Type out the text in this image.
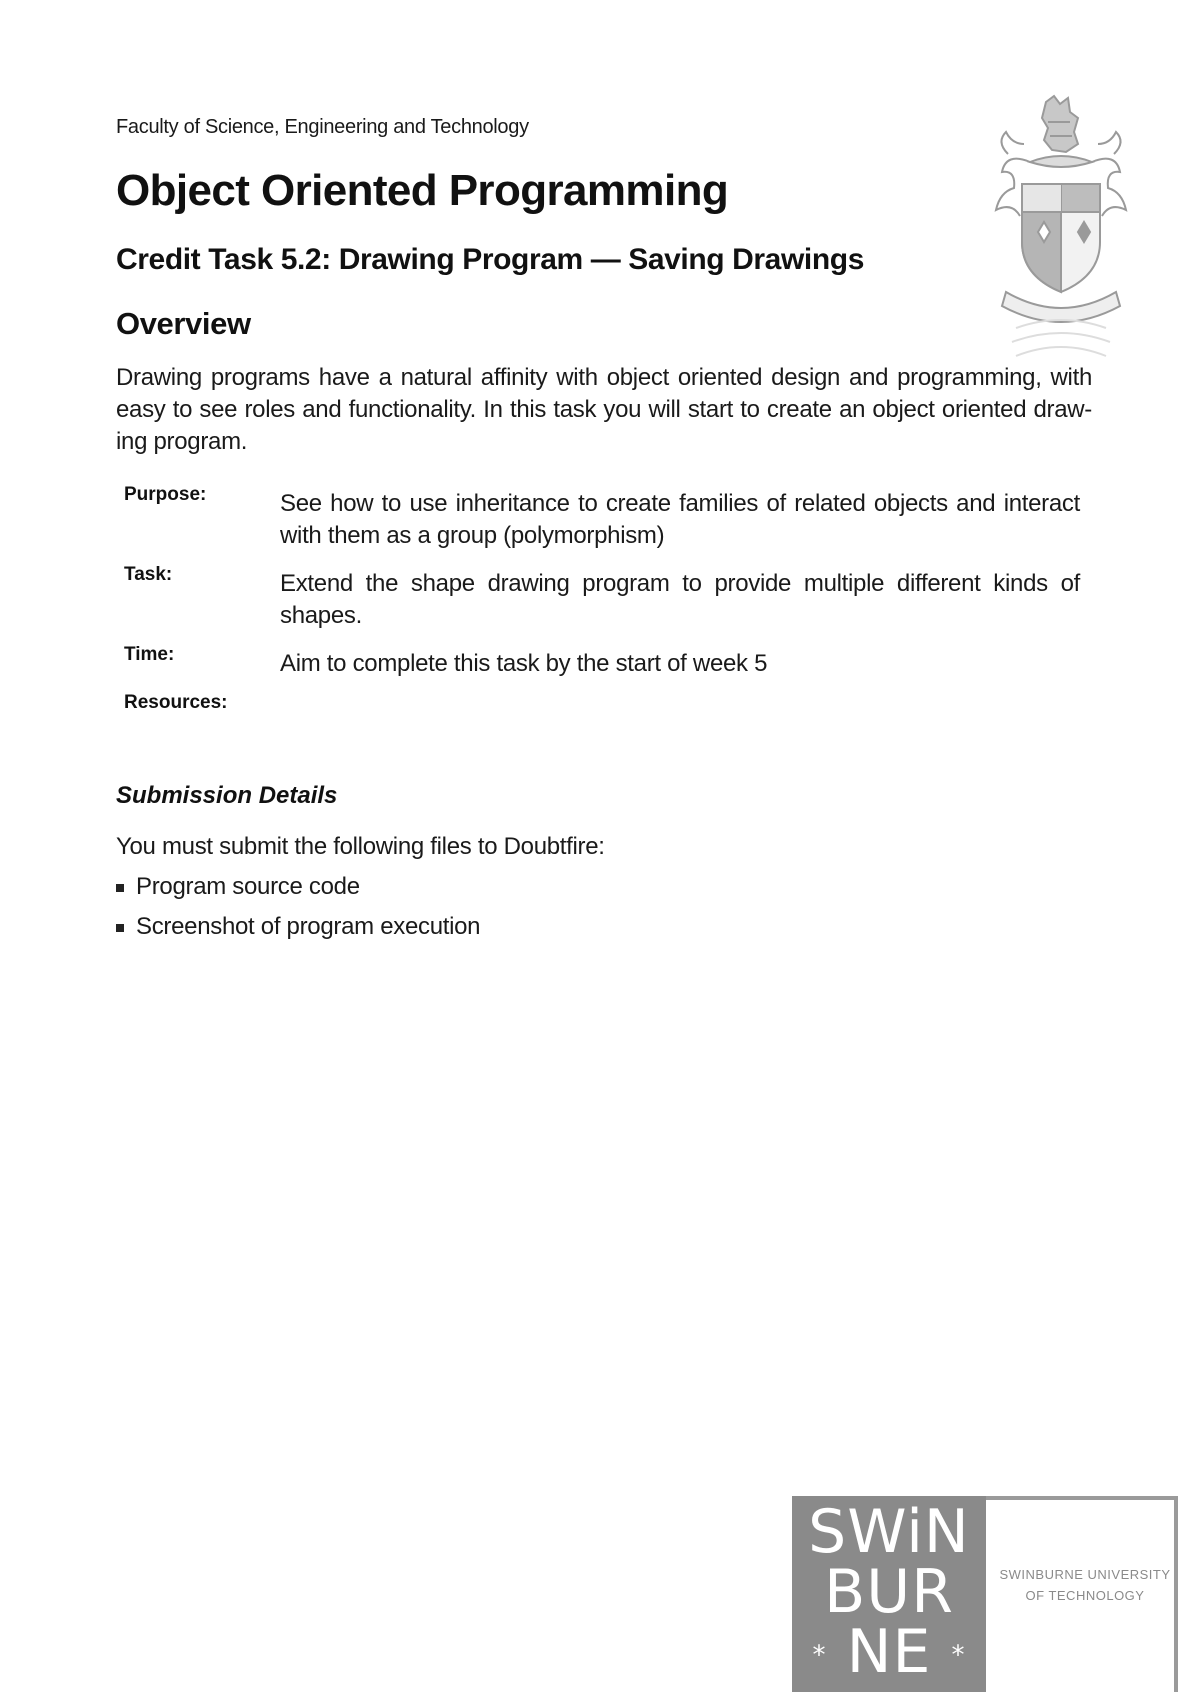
Faculty of Science, Engineering and Technology
Object Oriented Programming
Credit Task 5.2: Drawing Program — Saving Drawings
Overview

Drawing programs have a natural affinity with object oriented design and programming, with easy to see roles and functionality. In this task you will start to create an object oriented draw-ing program.

Purpose:	See how to use inheritance to create families of related objects and interact with them as a group (polymorphism)
Task:	Extend the shape drawing program to provide multiple different kinds of shapes.
Time:	Aim to complete this task by the start of week 5
Resources:
Submission Details

You must submit the following files to Doubtfire:

Program source code
Screenshot of program execution
SWiN
BUR
* NE *
SWINBURNE UNIVERSITY
OF TECHNOLOGY
